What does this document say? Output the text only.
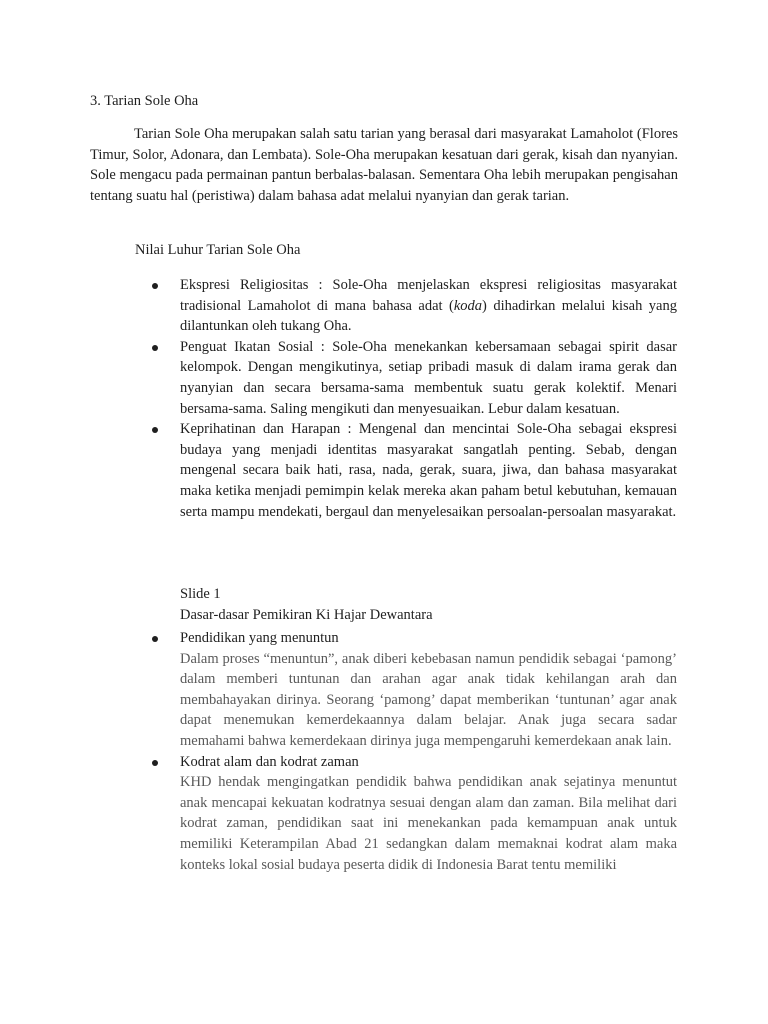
3. Tarian Sole Oha

Tarian Sole Oha merupakan salah satu tarian yang berasal dari masyarakat Lamaholot (Flores Timur, Solor, Adonara, dan Lembata). Sole-Oha merupakan kesatuan dari gerak, kisah dan nyanyian. Sole mengacu pada permainan pantun berbalas-balasan. Sementara Oha lebih merupakan pengisahan tentang suatu hal (peristiwa) dalam bahasa adat melalui nyanyian dan gerak tarian.

Nilai Luhur Tarian Sole Oha
Ekspresi Religiositas : Sole-Oha menjelaskan ekspresi religiositas masyarakat tradisional Lamaholot di mana bahasa adat (koda) dihadirkan melalui kisah yang dilantunkan oleh tukang Oha.
Penguat Ikatan Sosial : Sole-Oha menekankan kebersamaan sebagai spirit dasar kelompok. Dengan mengikutinya, setiap pribadi masuk di dalam irama gerak dan nyanyian dan secara bersama-sama membentuk suatu gerak kolektif. Menari bersama-sama. Saling mengikuti dan menyesuaikan. Lebur dalam kesatuan.
Keprihatinan dan Harapan : Mengenal dan mencintai Sole-Oha sebagai ekspresi budaya yang menjadi identitas masyarakat sangatlah penting. Sebab, dengan mengenal secara baik hati, rasa, nada, gerak, suara, jiwa, dan bahasa masyarakat maka ketika menjadi pemimpin kelak mereka akan paham betul kebutuhan, kemauan serta mampu mendekati, bergaul dan menyelesaikan persoalan-persoalan masyarakat.
Slide 1
Dasar-dasar Pemikiran Ki Hajar Dewantara
Pendidikan yang menuntun
Dalam proses “menuntun”, anak diberi kebebasan namun pendidik sebagai ‘pamong’ dalam memberi tuntunan dan arahan agar anak tidak kehilangan arah dan membahayakan dirinya. Seorang ‘pamong’ dapat memberikan ‘tuntunan’ agar anak dapat menemukan kemerdekaannya dalam belajar. Anak juga secara sadar memahami bahwa kemerdekaan dirinya juga mempengaruhi kemerdekaan anak lain.
Kodrat alam dan kodrat zaman
KHD hendak mengingatkan pendidik bahwa pendidikan anak sejatinya menuntut anak mencapai kekuatan kodratnya sesuai dengan alam dan zaman. Bila melihat dari kodrat zaman, pendidikan saat ini menekankan pada kemampuan anak untuk memiliki Keterampilan Abad 21 sedangkan dalam memaknai kodrat alam maka konteks lokal sosial budaya peserta didik di Indonesia Barat tentu memiliki
